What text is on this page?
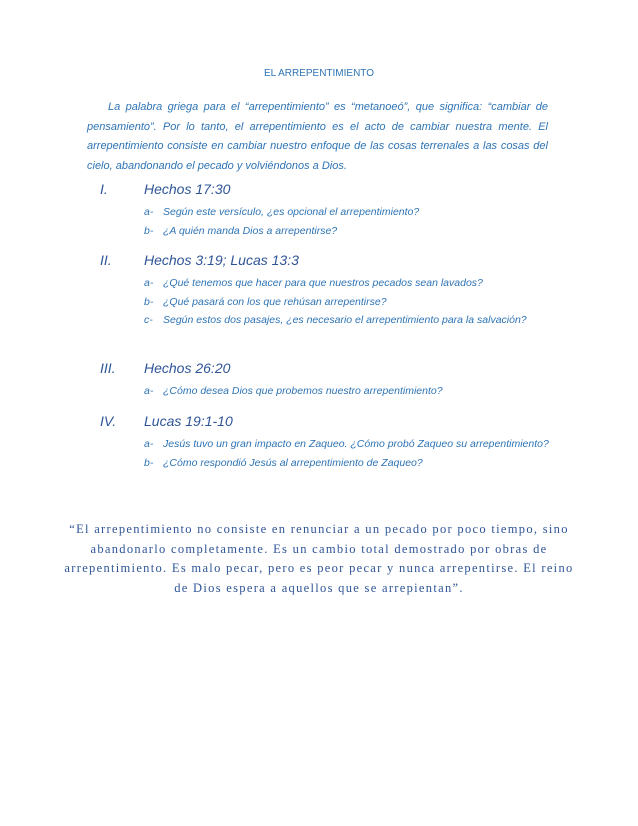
EL ARREPENTIMIENTO
La palabra griega para el “arrepentimiento” es “metanoeó”, que significa: “cambiar de pensamiento”. Por lo tanto, el arrepentimiento es el acto de cambiar nuestra mente. El arrepentimiento consiste en cambiar nuestro enfoque de las cosas terrenales a las cosas del cielo, abandonando el pecado y volviéndonos a Dios.
I.	Hechos 17:30
a- Según este versículo, ¿es opcional el arrepentimiento?
b- ¿A quién manda Dios a arrepentirse?
II.	Hechos 3:19; Lucas 13:3
a- ¿Qué tenemos que hacer para que nuestros pecados sean lavados?
b- ¿Qué pasará con los que rehúsan arrepentirse?
c- Según estos dos pasajes, ¿es necesario el arrepentimiento para la salvación?
III.	Hechos 26:20
a- ¿Cómo desea Dios que probemos nuestro arrepentimiento?
IV.	Lucas 19:1-10
a- Jesús tuvo un gran impacto en Zaqueo. ¿Cómo probó Zaqueo su arrepentimiento?
b- ¿Cómo respondió Jesús al arrepentimiento de Zaqueo?
“El arrepentimiento no consiste en renunciar a un pecado por poco tiempo, sino abandonarlo completamente. Es un cambio total demostrado por obras de arrepentimiento. Es malo pecar, pero es peor pecar y nunca arrepentirse. El reino de Dios espera a aquellos que se arrepientan”.
